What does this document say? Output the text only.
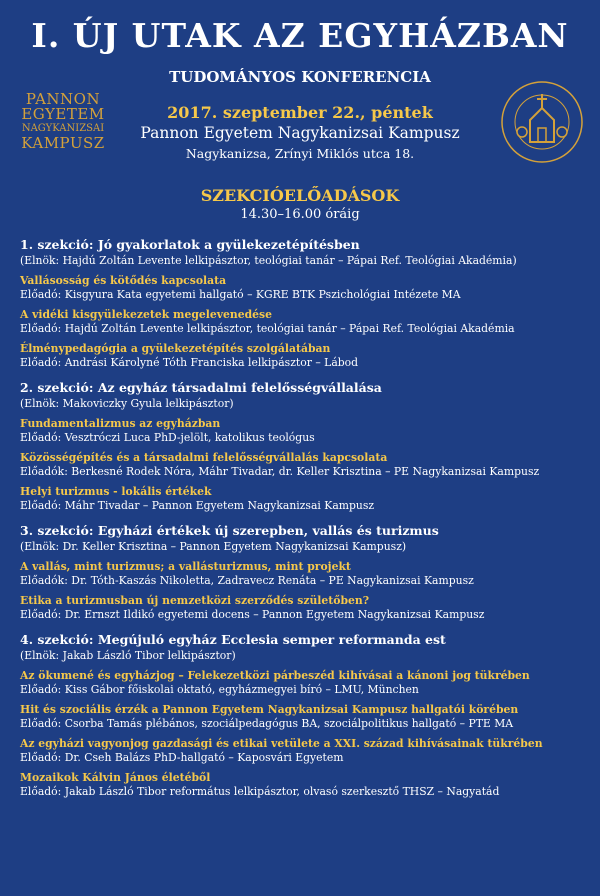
I. ÚJ UTAK AZ EGYHÁZBAN
TUDOMÁNYOS KONFERENCIA
PANNON
EGYETEM
NAGYKANIZSAI
KAMPUSZ
2017. szeptember 22., péntek
Pannon Egyetem Nagykanizsai Kampusz
Nagykanizsa, Zrínyi Miklós utca 18.
SZEKCIÓELŐADÁSOK
14.30–16.00 óráig
1. szekció: Jó gyakorlatok a gyülekezetépítésben
(Elnök: Hajdú Zoltán Levente lelkipásztor, teológiai tanár – Pápai Ref. Teológiai Akadémia)
Vallásosság és kötődés kapcsolata
Előadó: Kisgyura Kata egyetemi hallgató – KGRE BTK Pszichológiai Intézete MA
A vidéki kisgyülekezetek megelevenedése
Előadó: Hajdú Zoltán Levente lelkipásztor, teológiai tanár – Pápai Ref. Teológiai Akadémia
Élménypedagógia a gyülekezetépítés szolgálatában
Előadó: Andrási Károlyné Tóth Franciska lelkipásztor – Lábod
2. szekció: Az egyház társadalmi felelősségvállalása
(Elnök: Makoviczky Gyula lelkipásztor)
Fundamentalizmus az egyházban
Előadó: Vesztróczi Luca PhD-jelölt, katolikus teológus
Közösségépítés és a társadalmi felelősségvállalás kapcsolata
Előadók: Berkesné Rodek Nóra, Máhr Tivadar, dr. Keller Krisztina – PE Nagykanizsai Kampusz
Helyi turizmus - lokális értékek
Előadó: Máhr Tivadar – Pannon Egyetem Nagykanizsai Kampusz
3. szekció: Egyházi értékek új szerepben, vallás és turizmus
(Elnök: Dr. Keller Krisztina – Pannon Egyetem Nagykanizsai Kampusz)
A vallás, mint turizmus; a vallásturizmus, mint projekt
Előadók: Dr. Tóth-Kaszás Nikoletta, Zadravecz Renáta – PE Nagykanizsai Kampusz
Etika a turizmusban új nemzetközi szerződés születőben?
Előadó: Dr. Ernszt Ildikó egyetemi docens – Pannon Egyetem Nagykanizsai Kampusz
4. szekció: Megújuló egyház Ecclesia semper reformanda est
(Elnök: Jakab László Tibor lelkipásztor)
Az ökumené és egyházjog – Felekezetközi párbeszéd kihívásai a kánoni jog tükrében
Előadó: Kiss Gábor főiskolai oktató, egyházmegyei bíró – LMU, München
Hit és szociális érzék a Pannon Egyetem Nagykanizsai Kampusz hallgatói körében
Előadó: Csorba Tamás plébános, szociálpedagógus BA, szociálpolitikus hallgató – PTE MA
Az egyházi vagyonjog gazdasági és etikai vetülete a XXI. század kihívásainak tükrében
Előadó: Dr. Cseh Balázs PhD-hallgató – Kaposvári Egyetem
Mozaikok Kálvin János életéből
Előadó: Jakab László Tibor református lelkipásztor, olvasó szerkesztő THSZ – Nagyatád
